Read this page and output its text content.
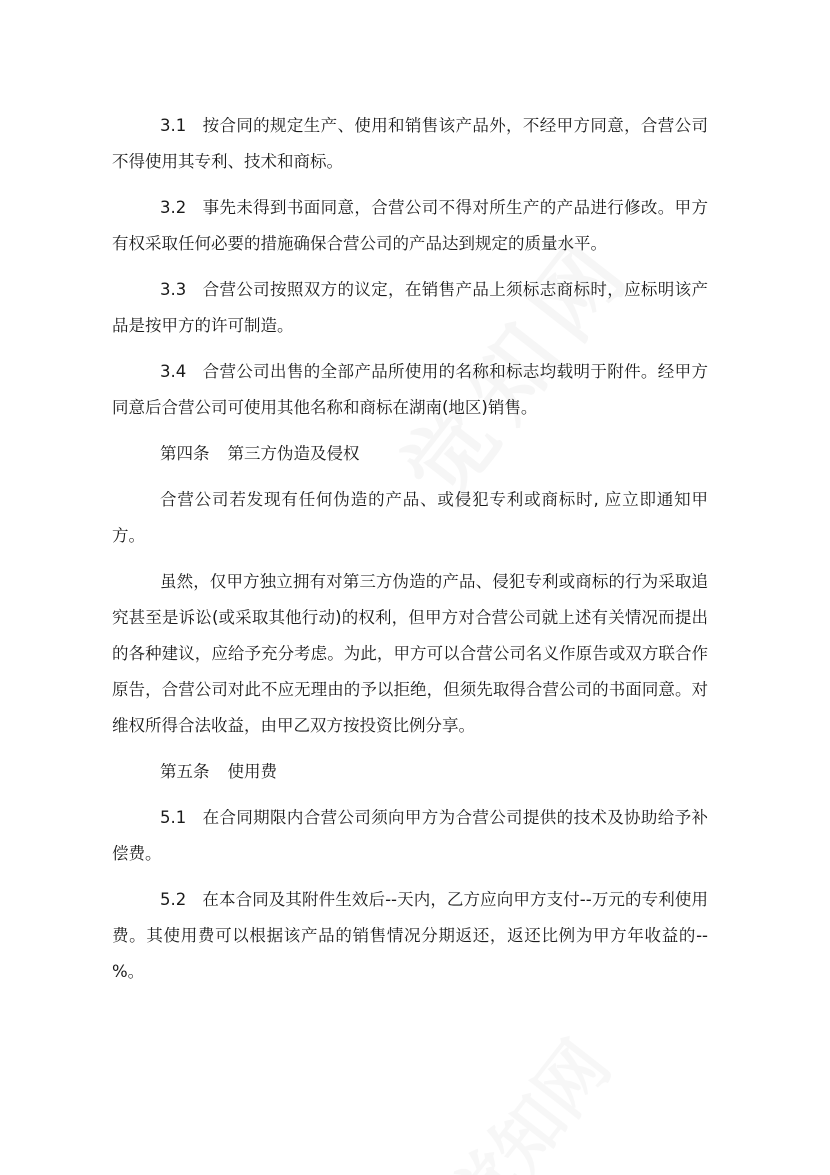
3.1 按合同的规定生产、使用和销售该产品外，不经甲方同意，合营公司不得使用其专利、技术和商标。

3.2 事先未得到书面同意，合营公司不得对所生产的产品进行修改。甲方有权采取任何必要的措施确保合营公司的产品达到规定的质量水平。

3.3 合营公司按照双方的议定，在销售产品上须标志商标时，应标明该产品是按甲方的许可制造。

3.4 合营公司出售的全部产品所使用的名称和标志均载明于附件。经甲方同意后合营公司可使用其他名称和商标在湖南(地区)销售。

第四条 第三方伪造及侵权

合营公司若发现有任何伪造的产品、或侵犯专利或商标时, 应立即通知甲方。

虽然，仅甲方独立拥有对第三方伪造的产品、侵犯专利或商标的行为采取追究甚至是诉讼(或采取其他行动)的权利，但甲方对合营公司就上述有关情况而提出的各种建议，应给予充分考虑。为此，甲方可以合营公司名义作原告或双方联合作原告，合营公司对此不应无理由的予以拒绝，但须先取得合营公司的书面同意。对维权所得合法收益，由甲乙双方按投资比例分享。

第五条 使用费

5.1 在合同期限内合营公司须向甲方为合营公司提供的技术及协助给予补偿费。

5.2 在本合同及其附件生效后--天内，乙方应向甲方支付--万元的专利使用费。其使用费可以根据该产品的销售情况分期返还，返还比例为甲方年收益的--%。
